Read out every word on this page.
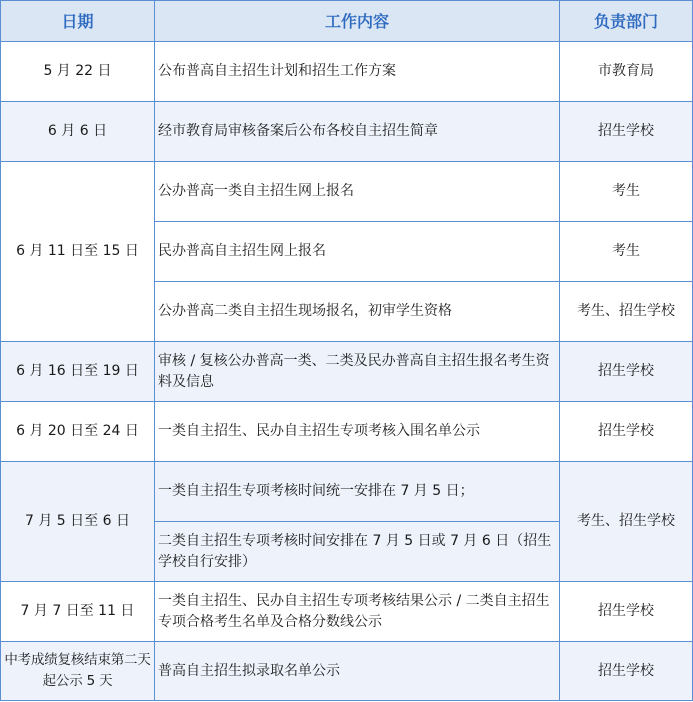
日期	工作内容	负责部门
5 月 22 日	公布普高自主招生计划和招生工作方案	市教育局
6 月 6 日	经市教育局审核备案后公布各校自主招生简章	招生学校
6 月 11 日至 15 日	公办普高一类自主招生网上报名	考生
	民办普高自主招生网上报名	考生
	公办普高二类自主招生现场报名，初审学生资格	考生、招生学校
6 月 16 日至 19 日	审核 / 复核公办普高一类、二类及民办普高自主招生报名考生资料及信息	招生学校
6 月 20 日至 24 日	一类自主招生、民办自主招生专项考核入围名单公示	招生学校
7 月 5 日至 6 日	一类自主招生专项考核时间统一安排在 7 月 5 日；	考生、招生学校
	二类自主招生专项考核时间安排在 7 月 5 日或 7 月 6 日（招生学校自行安排）	
7 月 7 日至 11 日	一类自主招生、民办自主招生专项考核结果公示 / 二类自主招生专项合格考生名单及合格分数线公示	招生学校
中考成绩复核结束第二天起公示 5 天	普高自主招生拟录取名单公示	招生学校
